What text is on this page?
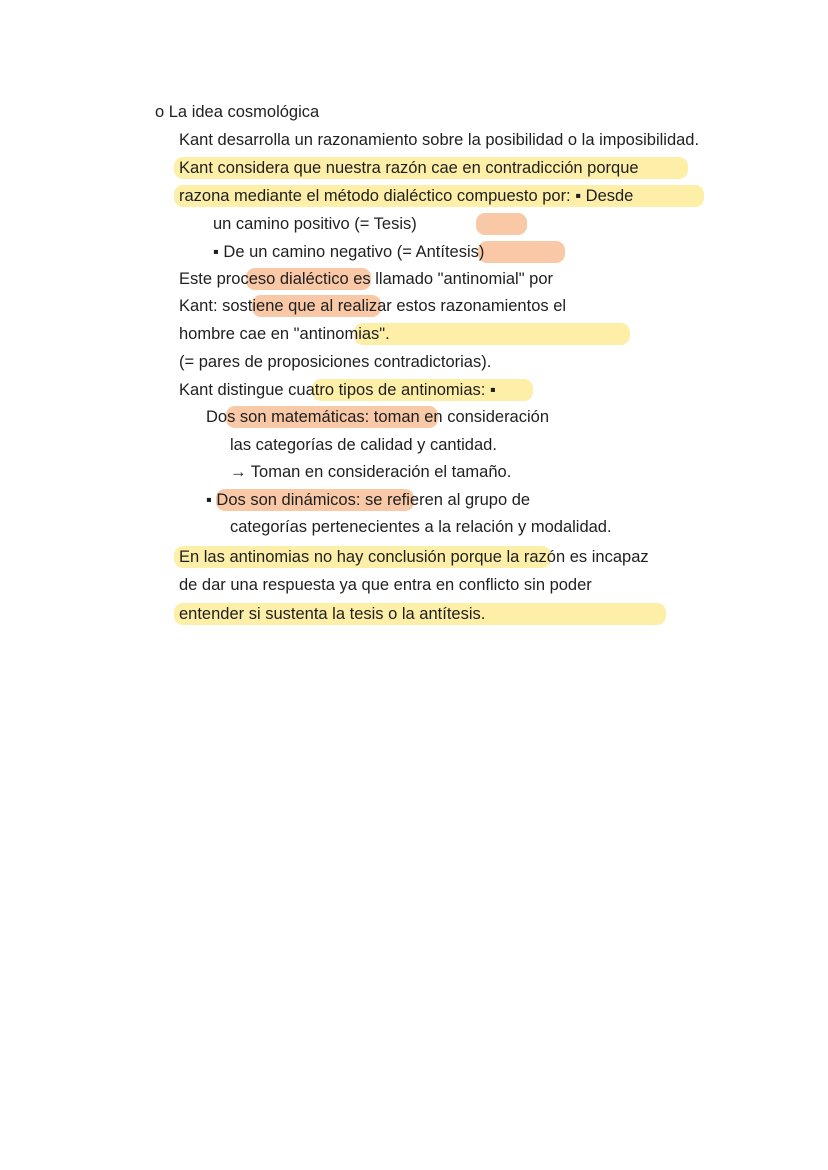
o La idea cosmológica
Kant desarrolla un razonamiento sobre la posibilidad o la imposibilidad.
Kant considera que nuestra razón cae en contradicción porque
razona mediante el método dialéctico compuesto por: ▪ Desde
un camino positivo (= Tesis)
▪ De un camino negativo (= Antítesis)
Este proceso dialéctico es llamado "antinomial" por
Kant: sostiene que al realizar estos razonamientos el
hombre cae en "antinomias".
(= pares de proposiciones contradictorias).
Kant distingue cuatro tipos de antinomias: ▪
Dos son matemáticas: toman en consideración
las categorías de calidad y cantidad.
→ Toman en consideración el tamaño.
▪ Dos son dinámicos: se refieren al grupo de
categorías pertenecientes a la relación y modalidad.
En las antinomias no hay conclusión porque la razón es incapaz
de dar una respuesta ya que entra en conflicto sin poder
entender si sustenta la tesis o la antítesis.
